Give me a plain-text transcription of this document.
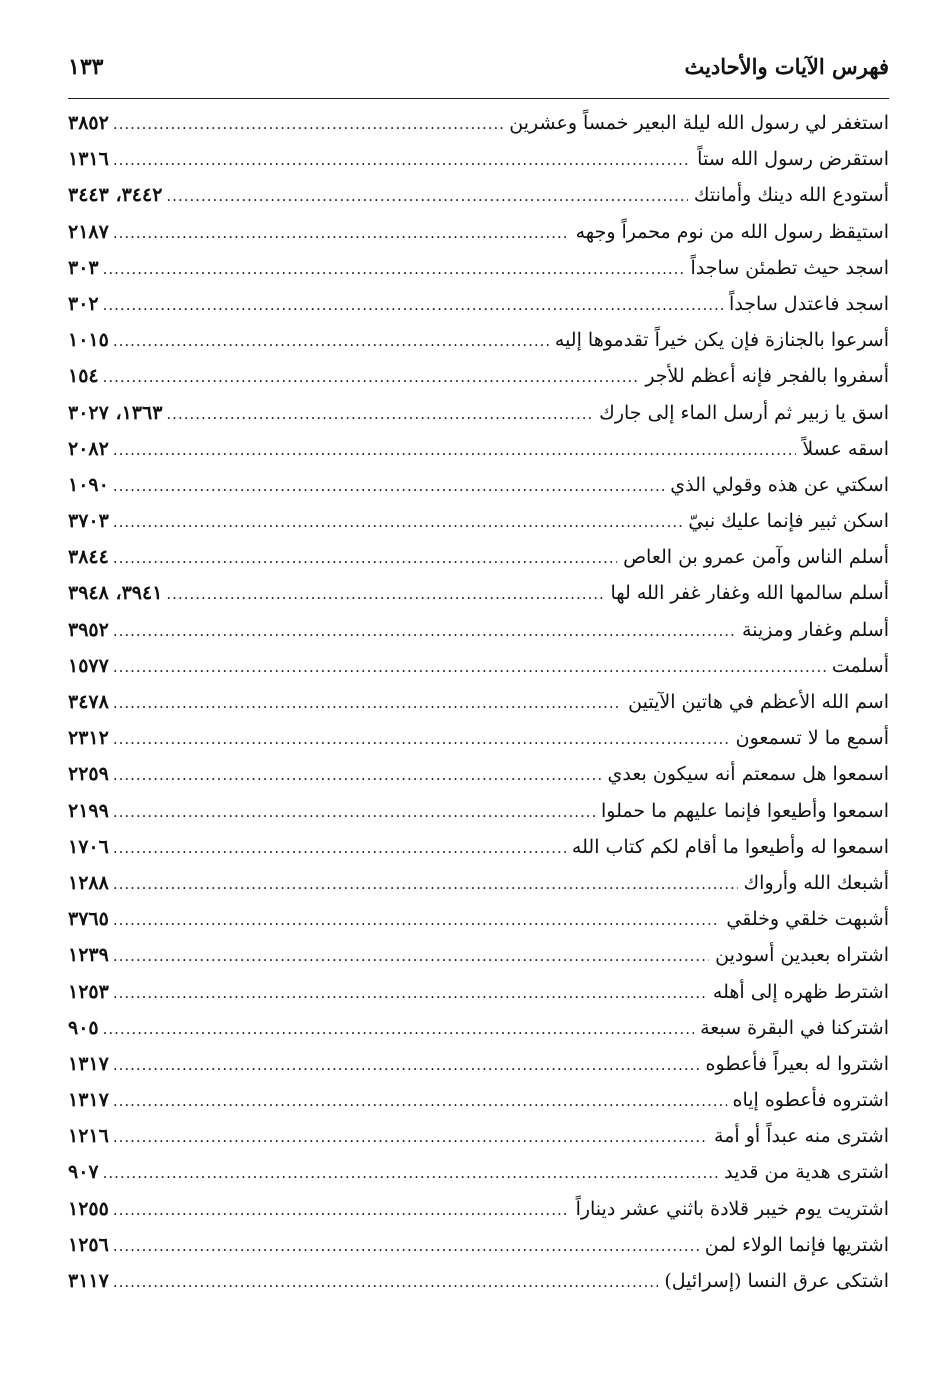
فهرس الآيات والأحاديث
١٣٣
استغفر لي رسول الله ليلة البعير خمساً وعشرين
.....
٣٨٥٢
استقرض رسول الله ستاً
.....
١٣١٦
أستودع الله دينك وأمانتك
.....
٣٤٤٢، ٣٤٤٣
استيقظ رسول الله من نوم محمراً وجهه
.....
٢١٨٧
اسجد حيث تطمئن ساجداً
.....
٣٠٣
اسجد فاعتدل ساجداً
.....
٣٠٢
أسرعوا بالجنازة فإن يكن خيراً تقدموها إليه
.....
١٠١٥
أسفروا بالفجر فإنه أعظم للأجر
.....
١٥٤
اسق يا زبير ثم أرسل الماء إلى جارك
.....
١٣٦٣، ٣٠٢٧
اسقه عسلاً
.....
٢٠٨٢
اسكتي عن هذه وقولي الذي
.....
١٠٩٠
اسكن ثبير فإنما عليك نبيّ
.....
٣٧٠٣
أسلم الناس وآمن عمرو بن العاص
.....
٣٨٤٤
أسلم سالمها الله وغفار غفر الله لها
.....
٣٩٤١، ٣٩٤٨
أسلم وغفار ومزينة
.....
٣٩٥٢
أسلمت
.....
١٥٧٧
اسم الله الأعظم في هاتين الآيتين
.....
٣٤٧٨
أسمع ما لا تسمعون
.....
٢٣١٢
اسمعوا هل سمعتم أنه سيكون بعدي
.....
٢٢٥٩
اسمعوا وأطيعوا فإنما عليهم ما حملوا
.....
٢١٩٩
اسمعوا له وأطيعوا ما أقام لكم كتاب الله
.....
١٧٠٦
أشبعك الله وأرواك
.....
١٢٨٨
أشبهت خلقي وخلقي
.....
٣٧٦٥
اشتراه بعبدين أسودين
.....
١٢٣٩
اشترط ظهره إلى أهله
.....
١٢٥٣
اشتركنا في البقرة سبعة
.....
٩٠٥
اشتروا له بعيراً فأعطوه
.....
١٣١٧
اشتروه فأعطوه إياه
.....
١٣١٧
اشترى منه عبداً أو أمة
.....
١٢١٦
اشترى هدية من قديد
.....
٩٠٧
اشتريت يوم خيبر قلادة باثني عشر ديناراً
.....
١٢٥٥
اشتريها فإنما الولاء لمن
.....
١٢٥٦
اشتكى عرق النسا (إسرائيل)
.....
٣١١٧
